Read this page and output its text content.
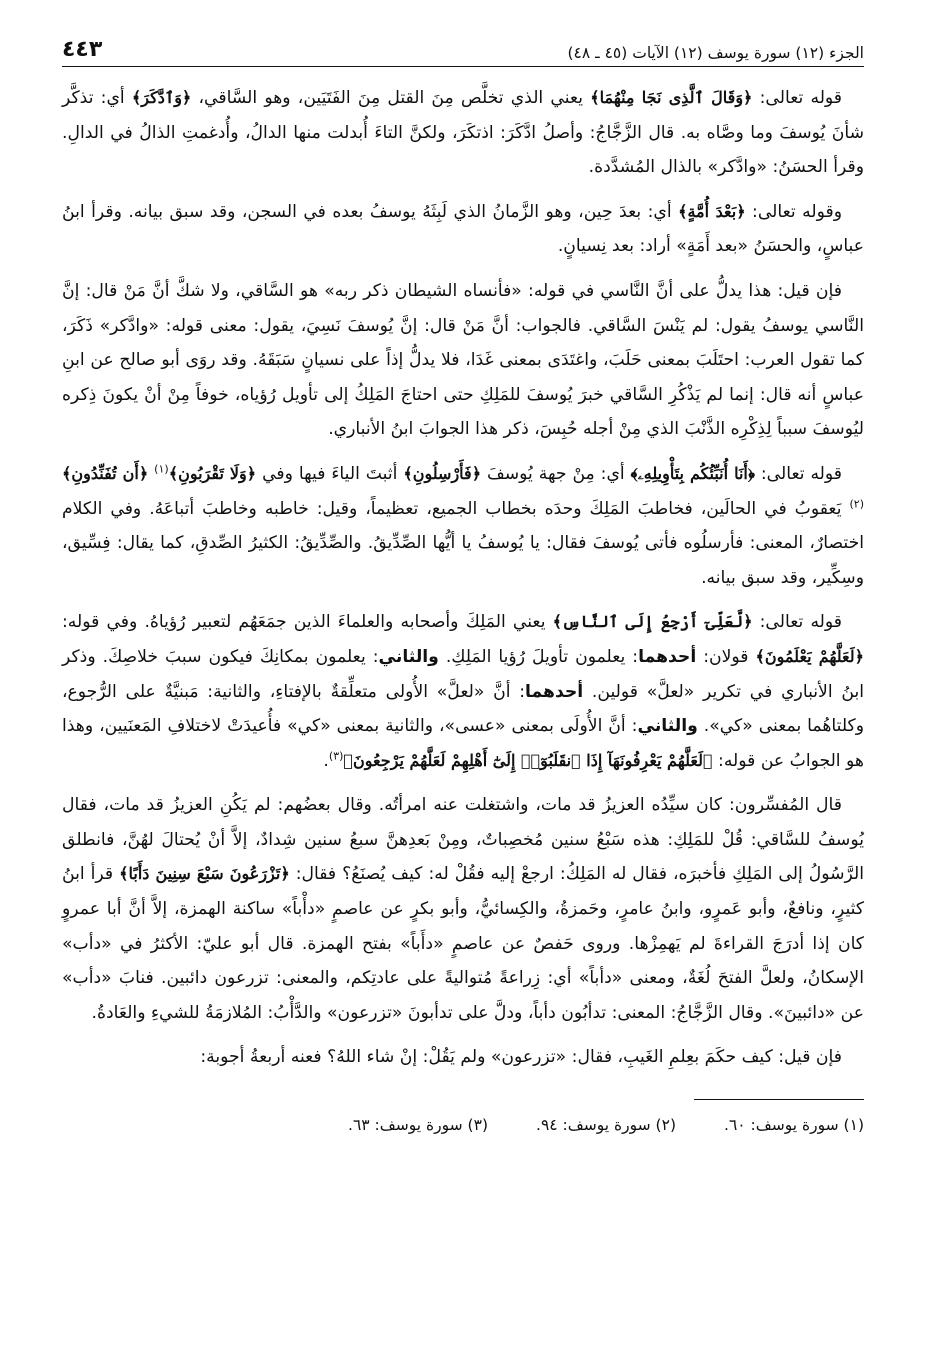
الجزء (١٢) سورة يوسف (١٢) الآيات (٤٥ ـ ٤٨)
٤٤٣

قوله تعالى: ﴿وَقَالَ ٱلَّذِى نَجَا مِنْهُمَا﴾ يعني الذي تخلَّص مِنَ القتل مِنَ الفَتَيَين، وهو السَّاقي، ﴿وَٱدَّكَرَ﴾ أي: تذكَّر شأنَ يُوسفَ وما وصَّاه به. قال الزَّجَّاجُ: وأصلُ ادَّكَرَ: اذتكَرَ، ولكنَّ التاءَ أُبدلت منها الدالُ، وأُدغمتِ الذالُ في الدالِ. وقرأ الحسَنُ: «وادَّكر» بالذال المُشدَّدة.

وقوله تعالى: ﴿بَعْدَ أُمَّةٍ﴾ أي: بعدَ حِين، وهو الزَّمانُ الذي لَبِثَهُ يوسفُ بعده في السجن، وقد سبق بيانه. وقرأ ابنُ عباسٍ، والحسَنُ «بعد أَمَةٍ» أراد: بعد نِسيانٍ.

فإن قيل: هذا يدلُّ على أنَّ النَّاسي في قوله: «فأنساه الشيطان ذكر ربه» هو السَّاقي، ولا شكَّ أنَّ مَنْ قال: إنَّ النَّاسي يوسفُ يقول: لم يَنْسَ السَّاقي. فالجواب: أنَّ مَنْ قال: إنَّ يُوسفَ نَسِيَ، يقول: معنى قوله: «وادَّكر» ذَكَرَ، كما تقول العرب: احتَلَبَ بمعنى حَلَبَ، واغتَدَى بمعنى غَدَا، فلا يدلُّ إذاً على نسيانٍ سَبَقَهُ. وقد روَى أبو صالح عن ابنِ عباسٍ أنه قال: إنما لم يَذْكُرِ السَّاقي خبرَ يُوسفَ للمَلِكِ حتى احتاجَ المَلِكُ إلى تأويل رُؤياه، خوفاً مِنْ أنْ يكونَ ذِكره ليُوسفَ سبباً لِذِكْرِه الذَّنْبَ الذي مِنْ أجله حُبِسَ، ذكر هذا الجوابَ ابنُ الأنباري.

قوله تعالى: ﴿أَنَا أُنَبِّئُكُم بِتَأْوِيلِهِۦ﴾ أي: مِنْ جهة يُوسفَ ﴿فَأَرْسِلُونِ﴾ أثبتَ الياءَ فيها وفي ﴿وَلَا تَقْرَبُونِ﴾$^{(١)}$ ﴿أَن تُفَنِّدُونِ﴾$^{(٢)}$ يَعقوبُ في الحالَين، فخاطبَ المَلِكَ وحدَه بخطاب الجميع، تعظيماً، وقيل: خاطبه وخاطبَ أتباعَهُ. وفي الكلام اختصارٌ، المعنى: فأرسلُوه فأتى يُوسفَ فقال: يا يُوسفُ يا أيُّها الصِّدِّيقُ. والصِّدِّيقُ: الكثيرُ الصِّدقِ، كما يقال: فِسِّيق، وسِكِّير، وقد سبق بيانه.

قوله تعالى: ﴿لَّعَلِّىٓ أَرْجِعُ إِلَى ٱلنَّاسِ﴾ يعني المَلِكَ وأصحابه والعلماءَ الذين جمَعَهُم لتعبير رُؤياهُ. وفي قوله: ﴿لَعَلَّهُمْ يَعْلَمُونَ﴾ قولان: أحدهما: يعلمون تأويلَ رُؤيا المَلِكِ. والثاني: يعلمون بمكانِكَ فيكون سببَ خلاصِكَ. وذكر ابنُ الأنباري في تكرير «لعلَّ» قولين. أحدهما: أنَّ «لعلَّ» الأُولى متعلِّقةٌ بالإفتاءِ، والثانية: مَبنيَّةٌ على الرُّجوع، وكلتاهُما بمعنى «كي». والثاني: أنَّ الأُولَى بمعنى «عسى»، والثانية بمعنى «كي» فأُعيدَتْ لاختلافِ المَعنَيين، وهذا هو الجوابُ عن قوله: ﴿لَعَلَّهُمْ يَعْرِفُونَهَآ إِذَا ٱنقَلَبُوٓا۟ إِلَىٰٓ أَهْلِهِمْ لَعَلَّهُمْ يَرْجِعُونَ﴾$^{(٣)}$.

قال المُفسِّرون: كان سيِّدُه العزيزُ قد مات، واشتغلت عنه امرأتُه. وقال بعضُهم: لم يَكُنِ العزيزُ قد مات، فقال يُوسفُ للسَّاقي: قُلْ للمَلِكِ: هذه سَبْعُ سنين مُخصِباتٌ، ومِنْ بَعدِهنَّ سبعُ سنين شِدادٌ، إلاَّ أنْ يُحتالَ لهُنَّ، فانطلق الرَّسُولُ إلى المَلِكِ فأخبرَه، فقال له المَلِكُ: ارجعْ إليه فقُلْ له: كيف يُصنَعُ؟ فقال: ﴿تَزْرَعُونَ سَبْعَ سِنِينَ دَأَبًا﴾ قرأ ابنُ كثيرٍ، ونافعٌ، وأبو عَمرٍو، وابنُ عامرٍ، وحَمزةُ، والكِسائيُّ، وأبو بكرٍ عن عاصمٍ «دأْباً» ساكنة الهمزة، إلاَّ أنَّ أبا عمروٍ كان إذا أدرَجَ القراءةَ لم يَهمِزْها. وروى حَفصٌ عن عاصمٍ «دأَباً» بفتح الهمزة. قال أبو عليّ: الأكثرُ في «دأب» الإسكانُ، ولعلَّ الفتحَ لُغَةٌ، ومعنى «دأباً» أي: زِراعةً مُتواليةً على عادتِكم، والمعنى: تزرعون دائبين. فنابَ «دأب» عن «دائبينَ». وقال الزَّجَّاجُ: المعنى: تدأبُون دأباً، ودلَّ على تدأبونَ «تزرعون» والدَّأْبُ: المُلازمَةُ للشيءِ والعَادةُ.

فإن قيل: كيف حكَمَ بعِلمِ الغَيبِ، فقال: «تزرعون» ولم يَقُلْ: إنْ شاء اللهُ؟ فعنه أربعةُ أجوبة:

(١) سورة يوسف: ٦٠.
(٢) سورة يوسف: ٩٤.
(٣) سورة يوسف: ٦٣.
